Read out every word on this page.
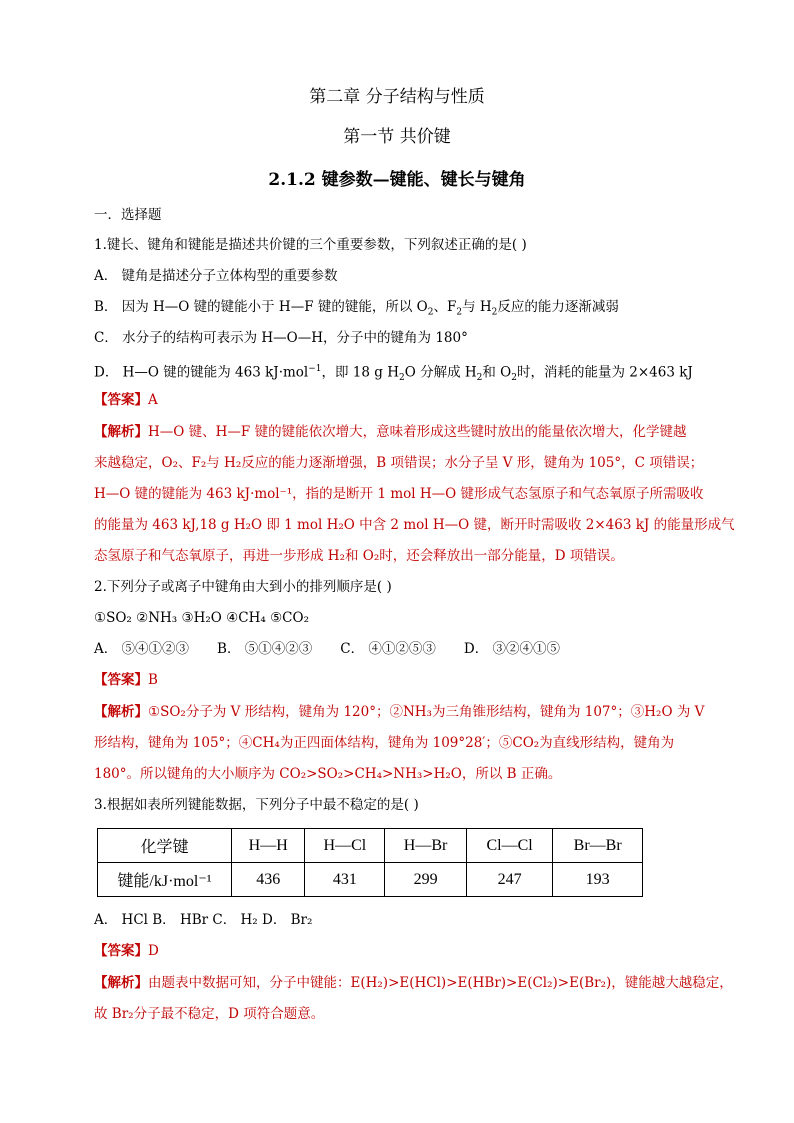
第二章 分子结构与性质
第一节 共价键
2.1.2 键参数—键能、键长与键角
一．选择题
1.键长、键角和键能是描述共价键的三个重要参数，下列叙述正确的是( )
A． 键角是描述分子立体构型的重要参数
B． 因为 H—O 键的键能小于 H—F 键的键能，所以 $O_2$、$F_2$与 $H_2$反应的能力逐渐减弱
C． 水分子的结构可表示为 H—O—H，分子中的键角为 180°
D． H—O 键的键能为 463 kJ·mol$^{-1}$，即 18 g $H_2O$ 分解成 $H_2$和 $O_2$时，消耗的能量为 2×463 kJ
【答案】A
【解析】H—O 键、H—F 键的键能依次增大，意味着形成这些键时放出的能量依次增大，化学键越
来越稳定，O₂、F₂与 H₂反应的能力逐渐增强，B 项错误；水分子呈 V 形，键角为 105°，C 项错误；
H—O 键的键能为 463 kJ·mol⁻¹，指的是断开 1 mol H—O 键形成气态氢原子和气态氧原子所需吸收
的能量为 463 kJ,18 g H₂O 即 1 mol H₂O 中含 2 mol H—O 键，断开时需吸收 2×463 kJ 的能量形成气
态氢原子和气态氧原子，再进一步形成 H₂和 O₂时，还会释放出一部分能量，D 项错误。
2.下列分子或离子中键角由大到小的排列顺序是( )
①SO₂ ②NH₃ ③H₂O ④CH₄ ⑤CO₂
A． ⑤④①②③ B． ⑤①④②③ C． ④①②⑤③ D． ③②④①⑤
【答案】B
【解析】①SO₂分子为 V 形结构，键角为 120°；②NH₃为三角锥形结构，键角为 107°；③H₂O 为 V
形结构，键角为 105°；④CH₄为正四面体结构，键角为 109°28′；⑤CO₂为直线形结构，键角为
180°。所以键角的大小顺序为 CO₂>SO₂>CH₄>NH₃>H₂O，所以 B 正确。
3.根据如表所列键能数据，下列分子中最不稳定的是( )
化学键	H—H	H—Cl	H—Br	Cl—Cl	Br—Br
键能/kJ·mol⁻¹	436	431	299	247	193
A． HCl B． HBr C． H₂ D． Br₂
【答案】D
【解析】由题表中数据可知，分子中键能：E(H₂)>E(HCl)>E(HBr)>E(Cl₂)>E(Br₂)，键能越大越稳定，
故 Br₂分子最不稳定，D 项符合题意。
